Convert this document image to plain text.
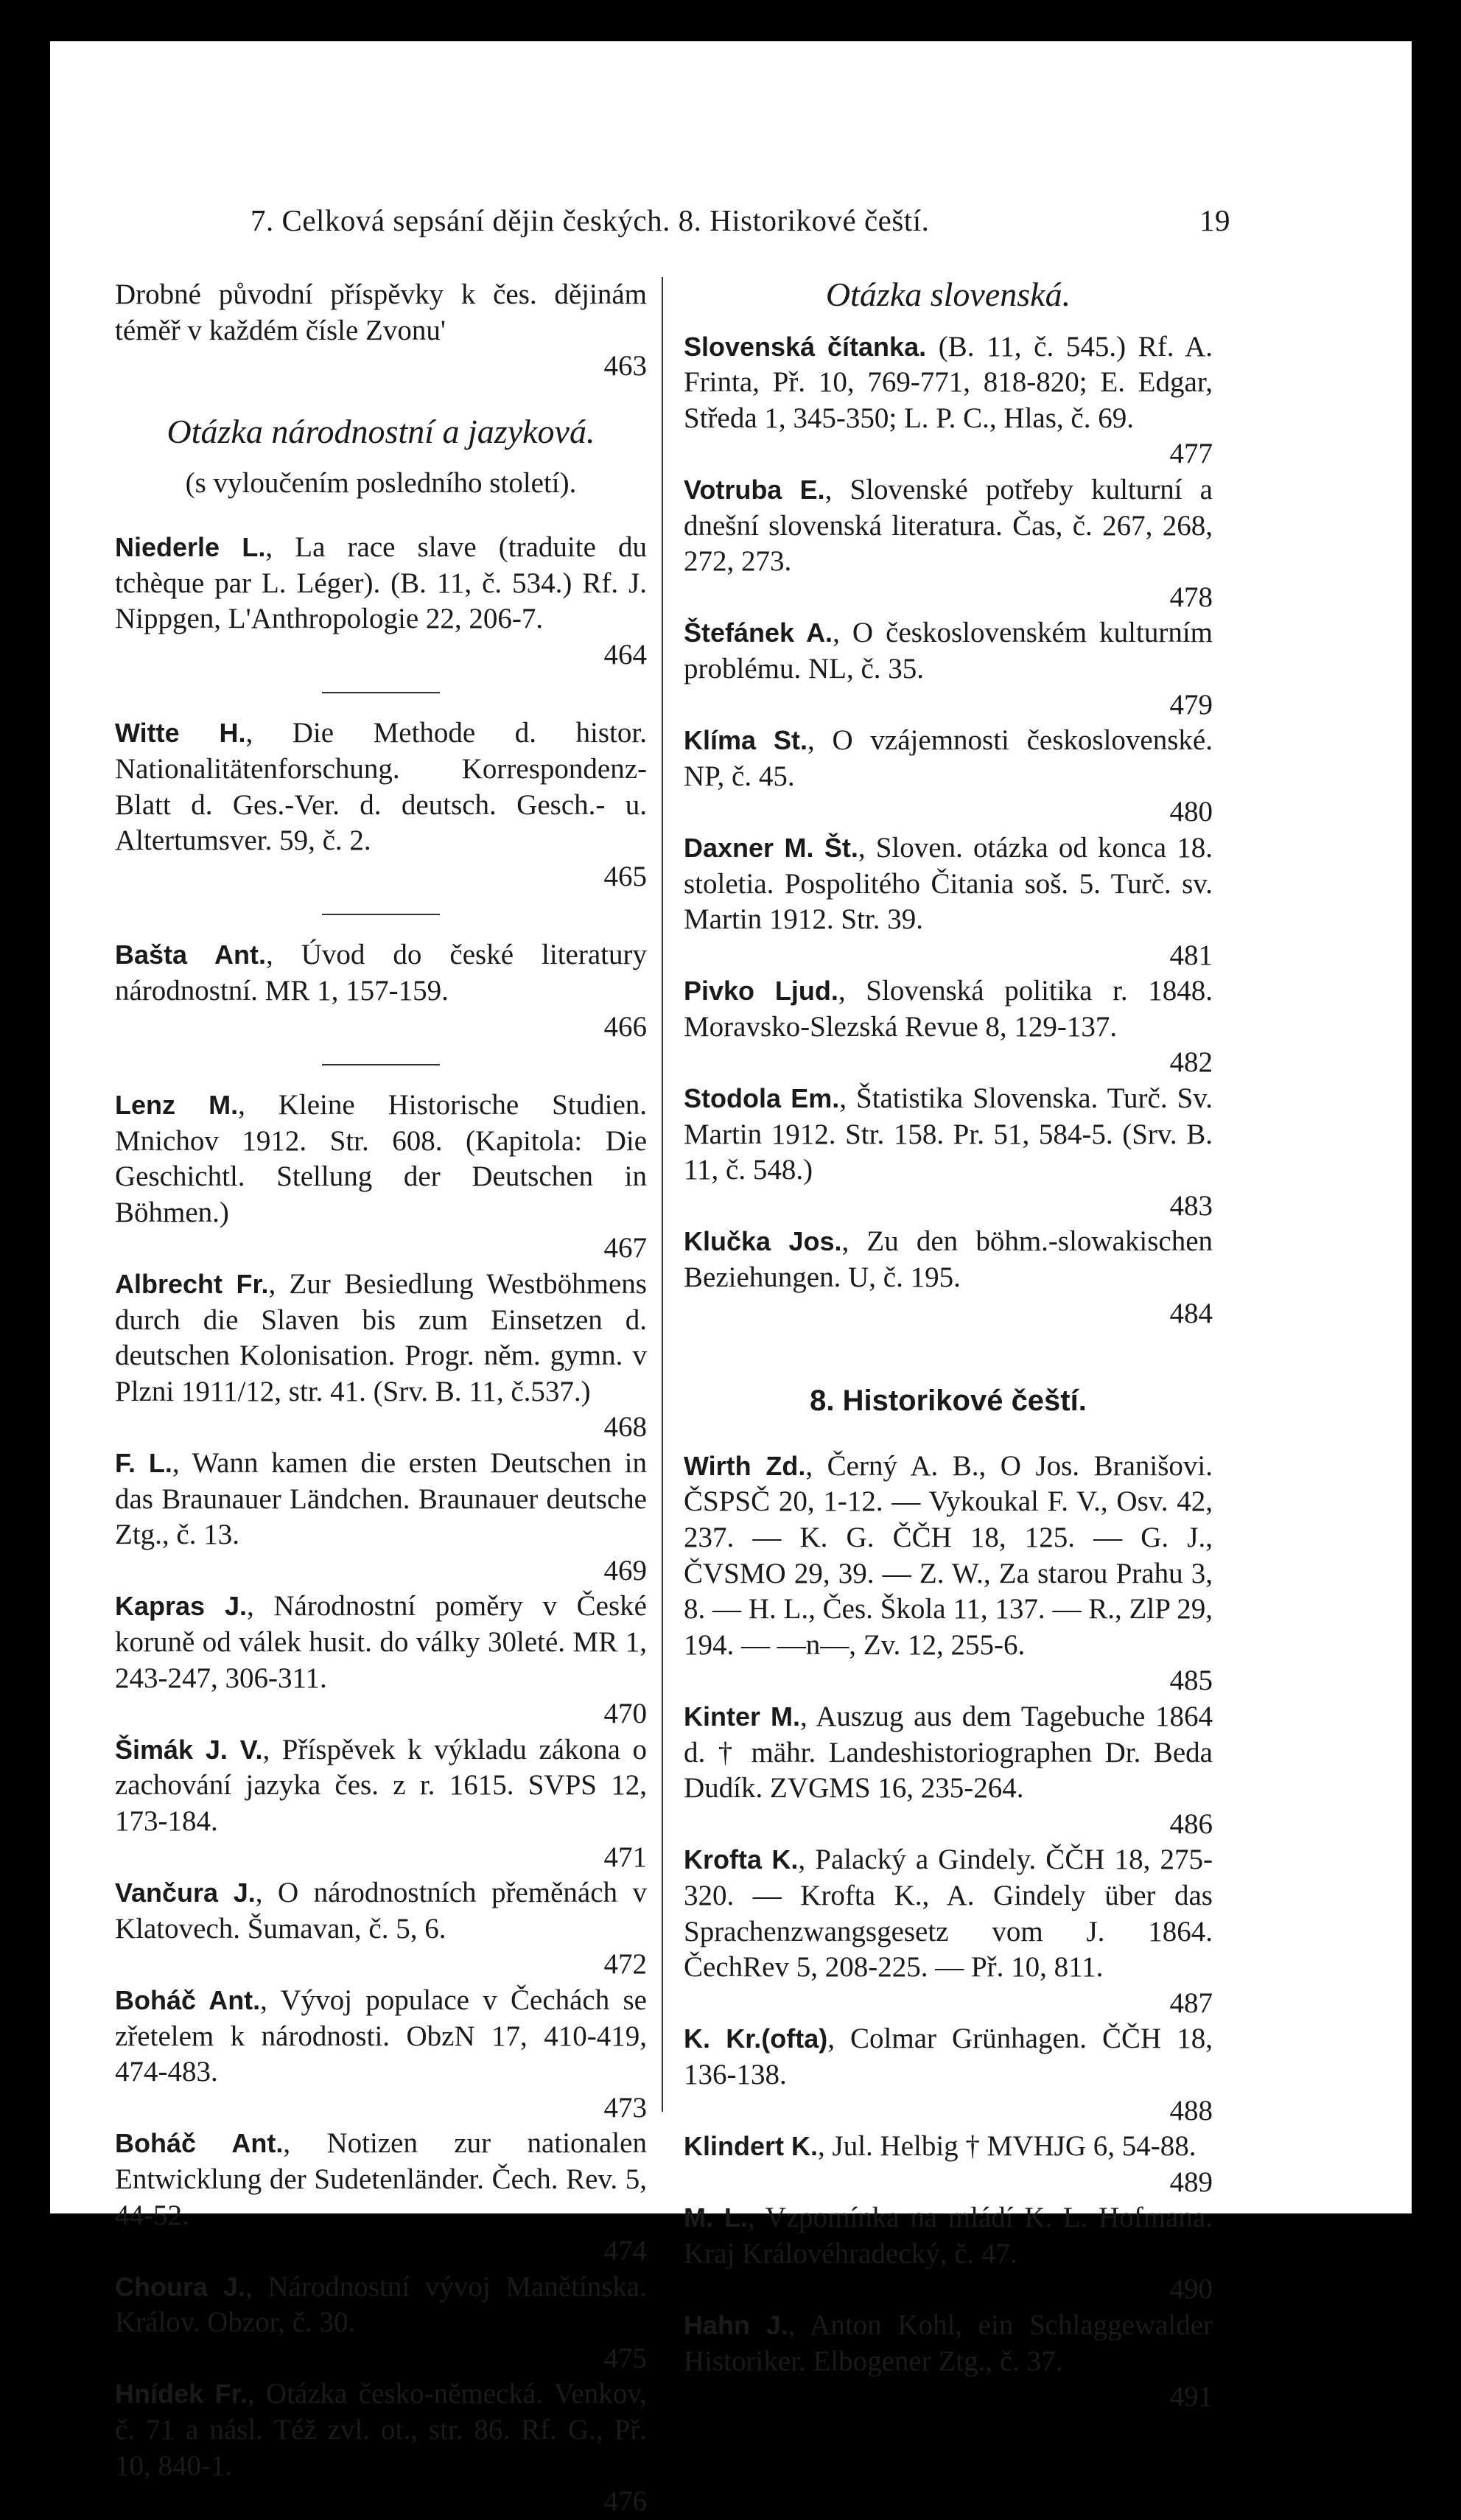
7. Celková sepsání dějin českých. 8. Historikové čeští.	19
Drobné původní příspěvky k čes. dějinám téměř v každém čísle Zvonu'
463
Otázka národnostní a jazyková.
(s vyloučením posledního století).
Niederle L., La race slave (traduite du tchèque par L. Léger). (B. 11, č. 534.) Rf. J. Nippgen, L'Anthropologie 22, 206-7.
464
Witte H., Die Methode d. histor. Nationalitätenforschung. Korrespondenz-Blatt d. Ges.-Ver. d. deutsch. Gesch.- u. Altertumsver. 59, č. 2.
465
Bašta Ant., Úvod do české literatury národnostní. MR 1, 157-159.
466
Lenz M., Kleine Historische Studien. Mnichov 1912. Str. 608. (Kapitola: Die Geschichtl. Stellung der Deutschen in Böhmen.)
467
Albrecht Fr., Zur Besiedlung Westböhmens durch die Slaven bis zum Einsetzen d. deutschen Kolonisation. Progr. něm. gymn. v Plzni 1911/12, str. 41. (Srv. B. 11, č.537.)
468
F. L., Wann kamen die ersten Deutschen in das Braunauer Ländchen. Braunauer deutsche Ztg., č. 13.
469
Kapras J., Národnostní poměry v České koruně od válek husit. do války 30leté. MR 1, 243-247, 306-311.
470
Šimák J. V., Příspěvek k výkladu zákona o zachování jazyka čes. z r. 1615. SVPS 12, 173-184.
471
Vančura J., O národnostních přeměnách v Klatovech. Šumavan, č. 5, 6.
472
Boháč Ant., Vývoj populace v Čechách se zřetelem k národnosti. ObzN 17, 410-419, 474-483.
473
Boháč Ant., Notizen zur nationalen Entwicklung der Sudetenländer. Čech. Rev. 5, 44-52.
474
Choura J., Národnostní vývoj Manětínska. Králov. Obzor, č. 30.
475
Hnídek Fr., Otázka česko-německá. Venkov, č. 71 a násl. Též zvl. ot., str. 86. Rf. G., Př. 10, 840-1.
476
Otázka slovenská.
Slovenská čítanka. (B. 11, č. 545.) Rf. A. Frinta, Př. 10, 769-771, 818-820; E. Edgar, Středa 1, 345-350; L. P. C., Hlas, č. 69.
477
Votruba E., Slovenské potřeby kulturní a dnešní slovenská literatura. Čas, č. 267, 268, 272, 273.
478
Štefánek A., O československém kulturním problému. NL, č. 35.
479
Klíma St., O vzájemnosti československé. NP, č. 45.
480
Daxner M. Št., Sloven. otázka od konca 18. stoletia. Pospolitého Čitania soš. 5. Turč. sv. Martin 1912. Str. 39.
481
Pivko Ljud., Slovenská politika r. 1848. Moravsko-Slezská Revue 8, 129-137.
482
Stodola Em., Štatistika Slovenska. Turč. Sv. Martin 1912. Str. 158. Pr. 51, 584-5. (Srv. B. 11, č. 548.)
483
Klučka Jos., Zu den böhm.-slowakischen Beziehungen. U, č. 195.
484
8. Historikové čeští.
Wirth Zd., Černý A. B., O Jos. Branišovi. ČSPSČ 20, 1-12. — Vykoukal F. V., Osv. 42, 237. — K. G. ČČH 18, 125. — G. J., ČVSMO 29, 39. — Z. W., Za starou Prahu 3, 8. — H. L., Čes. Škola 11, 137. — R., ZlP 29, 194. — —n—, Zv. 12, 255-6.
485
Kinter M., Auszug aus dem Tagebuche 1864 d. † mähr. Landeshistoriographen Dr. Beda Dudík. ZVGMS 16, 235-264.
486
Krofta K., Palacký a Gindely. ČČH 18, 275-320. — Krofta K., A. Gindely über das Sprachenzwangsgesetz vom J. 1864. ČechRev 5, 208-225. — Př. 10, 811.
487
K. Kr.(ofta), Colmar Grünhagen. ČČH 18, 136-138.
488
Klindert K., Jul. Helbig † MVHJG 6, 54-88.
489
M. L., Vzpomínka na mládí K. L. Hofmana. Kraj Královéhradecký, č. 47.
490
Hahn J., Anton Kohl, ein Schlaggewalder Historiker. Elbogener Ztg., č. 37.
491
